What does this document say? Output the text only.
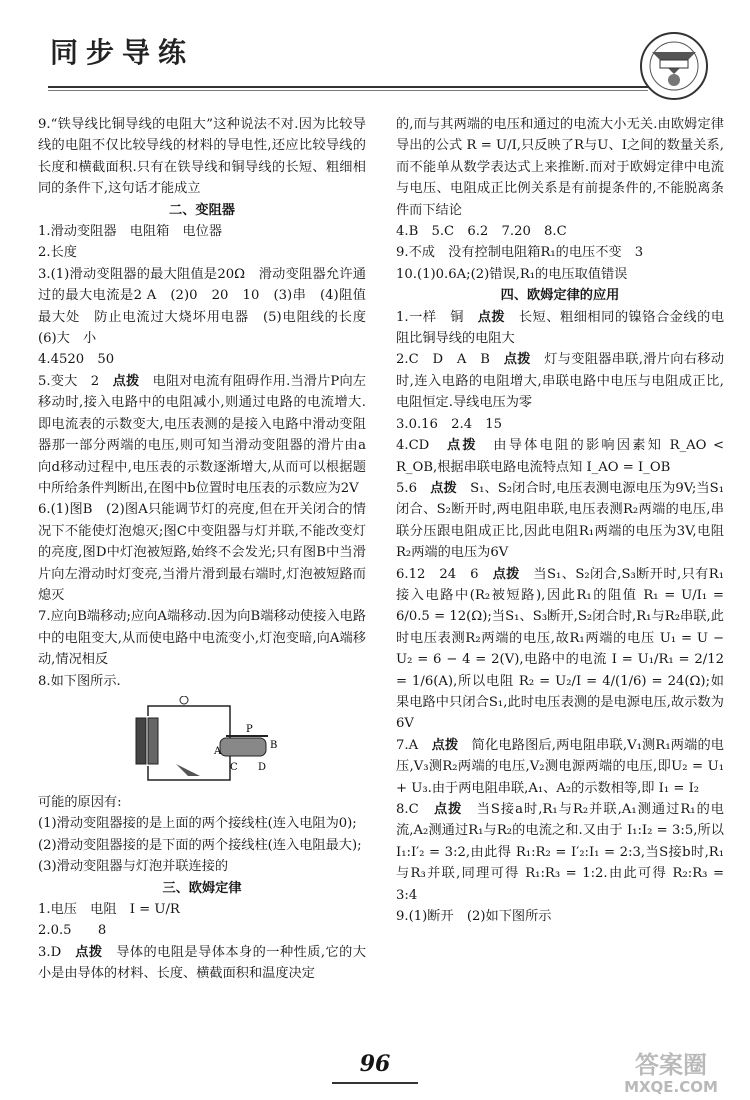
同步导练

9.“铁导线比铜导线的电阻大”这种说法不对.因为比较导线的电阻不仅比较导线的材料的导电性,还应比较导线的长度和横截面积.只有在铁导线和铜导线的长短、粗细相同的条件下,这句话才能成立

二、变阻器

1.滑动变阻器　电阻箱　电位器

2.长度

3.(1)滑动变阻器的最大阻值是20Ω　滑动变阻器允许通过的最大电流是2 A　(2)0　20　10　(3)串　(4)阻值最大处　防止电流过大烧坏用电器　(5)电阻线的长度　(6)大　小

4.4520　50

5.变大　2　点拨　电阻对电流有阻碍作用.当滑片P向左移动时,接入电路中的电阻减小,则通过电路的电流增大.即电流表的示数变大,电压表测的是接入电路中滑动变阻器那一部分两端的电压,则可知当滑动变阻器的滑片由a向d移动过程中,电压表的示数逐渐增大,从而可以根据题中所给条件判断出,在图中b位置时电压表的示数应为2V

6.(1)图B　(2)图A只能调节灯的亮度,但在开关闭合的情况下不能使灯泡熄灭;图C中变阻器与灯并联,不能改变灯的亮度,图D中灯泡被短路,始终不会发光;只有图B中当滑片向左滑动时灯变亮,当滑片滑到最右端时,灯泡被短路而熄灭

7.应向B端移动;应向A端移动.因为向B端移动使接入电路中的电阻变大,从而使电路中电流变小,灯泡变暗,向A端移动,情况相反

8.如下图所示.

P
A
B
C D

可能的原因有:

(1)滑动变阻器接的是上面的两个接线柱(连入电阻为0);

(2)滑动变阻器接的是下面的两个接线柱(连入电阻最大);

(3)滑动变阻器与灯泡并联连接的

三、欧姆定律

1.电压　电阻　I = U/R

2.0.5　　8

3.D　点拨　导体的电阻是导体本身的一种性质,它的大小是由导体的材料、长度、横截面积和温度决定

的,而与其两端的电压和通过的电流大小无关.由欧姆定律导出的公式 R = U/I,只反映了R与U、I之间的数量关系,而不能单从数学表达式上来推断.而对于欧姆定律中电流与电压、电阻成正比例关系是有前提条件的,不能脱离条件而下结论

4.B　5.C　6.2　7.20　8.C

9.不成　没有控制电阻箱R₁的电压不变　3

10.(1)0.6A;(2)错误,R₁的电压取值错误

四、欧姆定律的应用

1.一样　铜　点拨　长短、粗细相同的镍铬合金线的电阻比铜导线的电阻大

2.C　D　A　B　点拨　灯与变阻器串联,滑片向右移动时,连入电路的电阻增大,串联电路中电压与电阻成正比,电阻恒定.导线电压为零

3.0.16　2.4　15

4.CD　点拨　由导体电阻的影响因素知 R_AO < R_OB,根据串联电路电流特点知 I_AO = I_OB

5.6　点拨　S₁、S₂闭合时,电压表测电源电压为9V;当S₁闭合、S₂断开时,两电阻串联,电压表测R₂两端的电压,串联分压跟电阻成正比,因此电阻R₁两端的电压为3V,电阻R₂两端的电压为6V

6.12　24　6　点拨　当S₁、S₂闭合,S₃断开时,只有R₁接入电路中(R₂被短路),因此R₁的阻值 R₁ = U/I₁ = 6/0.5 = 12(Ω);当S₁、S₃断开,S₂闭合时,R₁与R₂串联,此时电压表测R₂两端的电压,故R₁两端的电压 U₁ = U − U₂ = 6 − 4 = 2(V),电路中的电流 I = U₁/R₁ = 2/12 = 1/6(A),所以电阻 R₂ = U₂/I = 4/(1/6) = 24(Ω);如果电路中只闭合S₁,此时电压表测的是电源电压,故示数为6V

7.A　点拨　简化电路图后,两电阻串联,V₁测R₁两端的电压,V₃测R₂两端的电压,V₂测电源两端的电压,即U₂ = U₁ + U₃.由于两电阻串联,A₁、A₂的示数相等,即 I₁ = I₂

8.C　点拨　当S接a时,R₁与R₂并联,A₁测通过R₁的电流,A₂测通过R₁与R₂的电流之和.又由于 I₁:I₂ = 3:5,所以 I₁:I′₂ = 3:2,由此得 R₁:R₂ = I′₂:I₁ = 2:3,当S接b时,R₁与R₃并联,同理可得 R₁:R₃ = 1:2.由此可得 R₂:R₃ = 3:4

9.(1)断开　(2)如下图所示

96	答案圈
MXQE.COM
